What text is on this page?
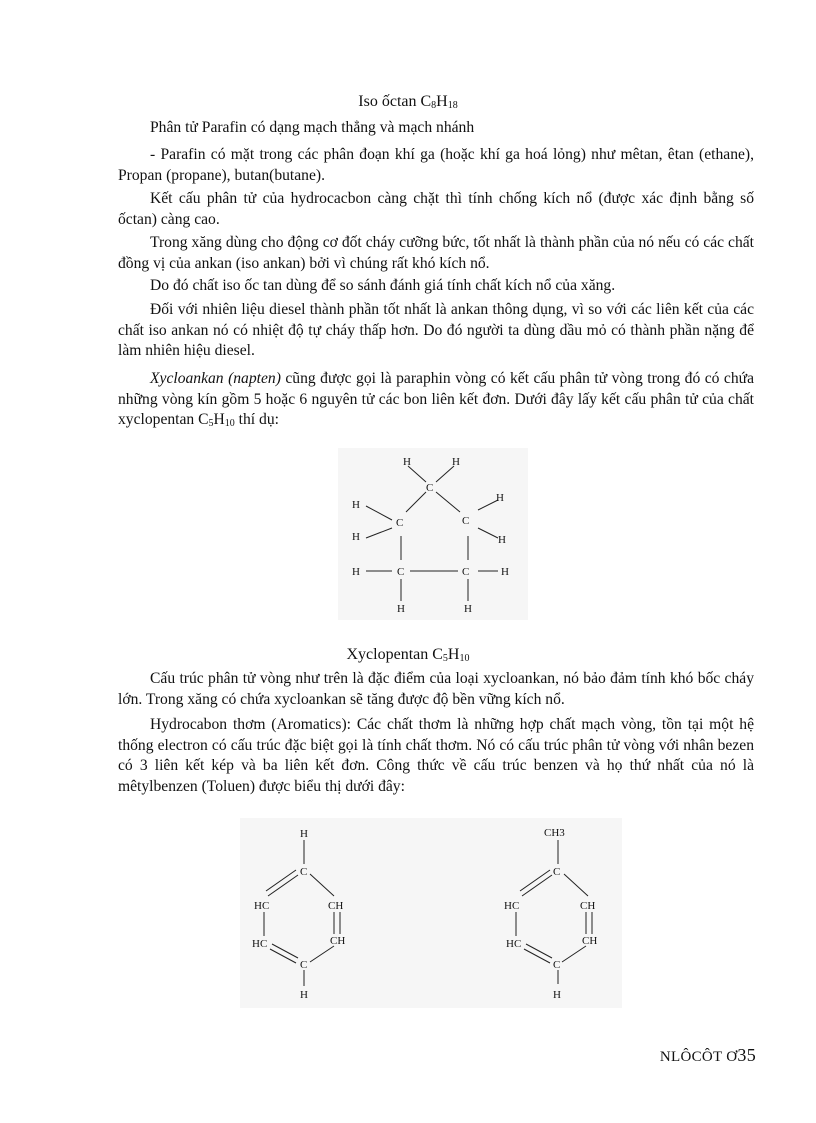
Iso ốctan $C_8H_{18}$

Phân tử Parafin có dạng mạch thẳng và mạch nhánh

- Parafin có mặt trong các phân đoạn khí ga (hoặc khí ga hoá lỏng) như mêtan, êtan (ethane), Propan (propane), butan(butane).

Kết cấu phân tử của hydrocacbon càng chặt thì tính chống kích nổ (được xác định bằng số ốctan) càng cao.

Trong xăng dùng cho động cơ đốt cháy cưỡng bức, tốt nhất là thành phần của nó nếu có các chất đồng vị của ankan (iso ankan) bởi vì chúng rất khó kích nổ.

Do đó chất iso ốc tan dùng để so sánh đánh giá tính chất kích nổ của xăng.

Đối với nhiên liệu diesel thành phần tốt nhất là ankan thông dụng, vì so với các liên kết của các chất iso ankan nó có nhiệt độ tự cháy thấp hơn. Do đó người ta dùng dầu mỏ có thành phần nặng để làm nhiên hiệu diesel.

Xycloankan (napten) cũng được gọi là paraphin vòng có kết cấu phân tử vòng trong đó có chứa những vòng kín gồm 5 hoặc 6 nguyên tử các bon liên kết đơn. Dưới đây lấy kết cấu phân tử của chất xyclopentan $C_5H_{10}$ thí dụ:

H	H
C
H
H
C	C
H	H
H	C	C	H
H	H
Xyclopentan $C_5H_{10}$

Cấu trúc phân tử vòng như trên là đặc điểm của loại xycloankan, nó bảo đảm tính khó bốc cháy lớn. Trong xăng có chứa xycloankan sẽ tăng được độ bền vững kích nổ.

Hydrocabon thơm (Aromatics): Các chất thơm là những hợp chất mạch vòng, tồn tại một hệ thống electron có cấu trúc đặc biệt gọi là tính chất thơm. Nó có cấu trúc phân tử vòng với nhân bezen có 3 liên kết kép và ba liên kết đơn. Công thức về cấu trúc benzen và họ thứ nhất của nó là mêtylbenzen (Toluen) được biểu thị dưới đây:

H
C
HC	CH
HC	CH
C
H
CH3
C
HC	CH
HC	CH
C
H
NLÔCÔT Ơ35
